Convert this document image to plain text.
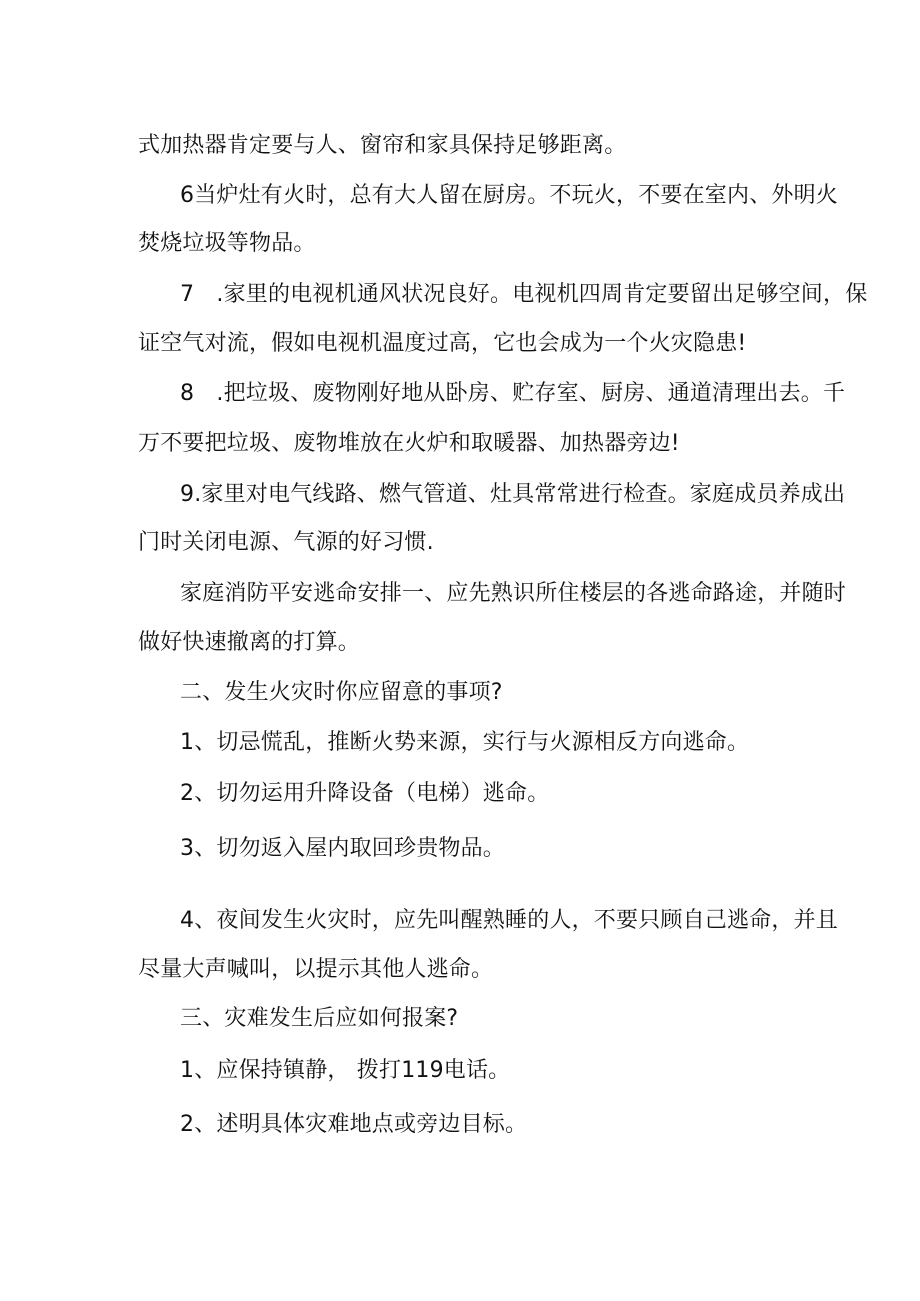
式加热器肯定要与人、窗帘和家具保持足够距离。
6当炉灶有火时，总有大人留在厨房。不玩火，不要在室内、外明火
焚烧垃圾等物品。
7　.家里的电视机通风状况良好。电视机四周肯定要留出足够空间，保
证空气对流，假如电视机温度过高，它也会成为一个火灾隐患!
8　.把垃圾、废物刚好地从卧房、贮存室、厨房、通道清理出去。千
万不要把垃圾、废物堆放在火炉和取暖器、加热器旁边!
9.家里对电气线路、燃气管道、灶具常常进行检查。家庭成员养成出
门时关闭电源、气源的好习惯.
家庭消防平安逃命安排一、应先熟识所住楼层的各逃命路途，并随时
做好快速撤离的打算。
二、发生火灾时你应留意的事项?
1、切忌慌乱，推断火势来源，实行与火源相反方向逃命。
2、切勿运用升降设备（电梯）逃命。
3、切勿返入屋内取回珍贵物品。
4、夜间发生火灾时，应先叫醒熟睡的人，不要只顾自己逃命，并且
尽量大声喊叫，以提示其他人逃命。
三、灾难发生后应如何报案?
1、应保持镇静， 拨打119电话。
2、述明具体灾难地点或旁边目标。
